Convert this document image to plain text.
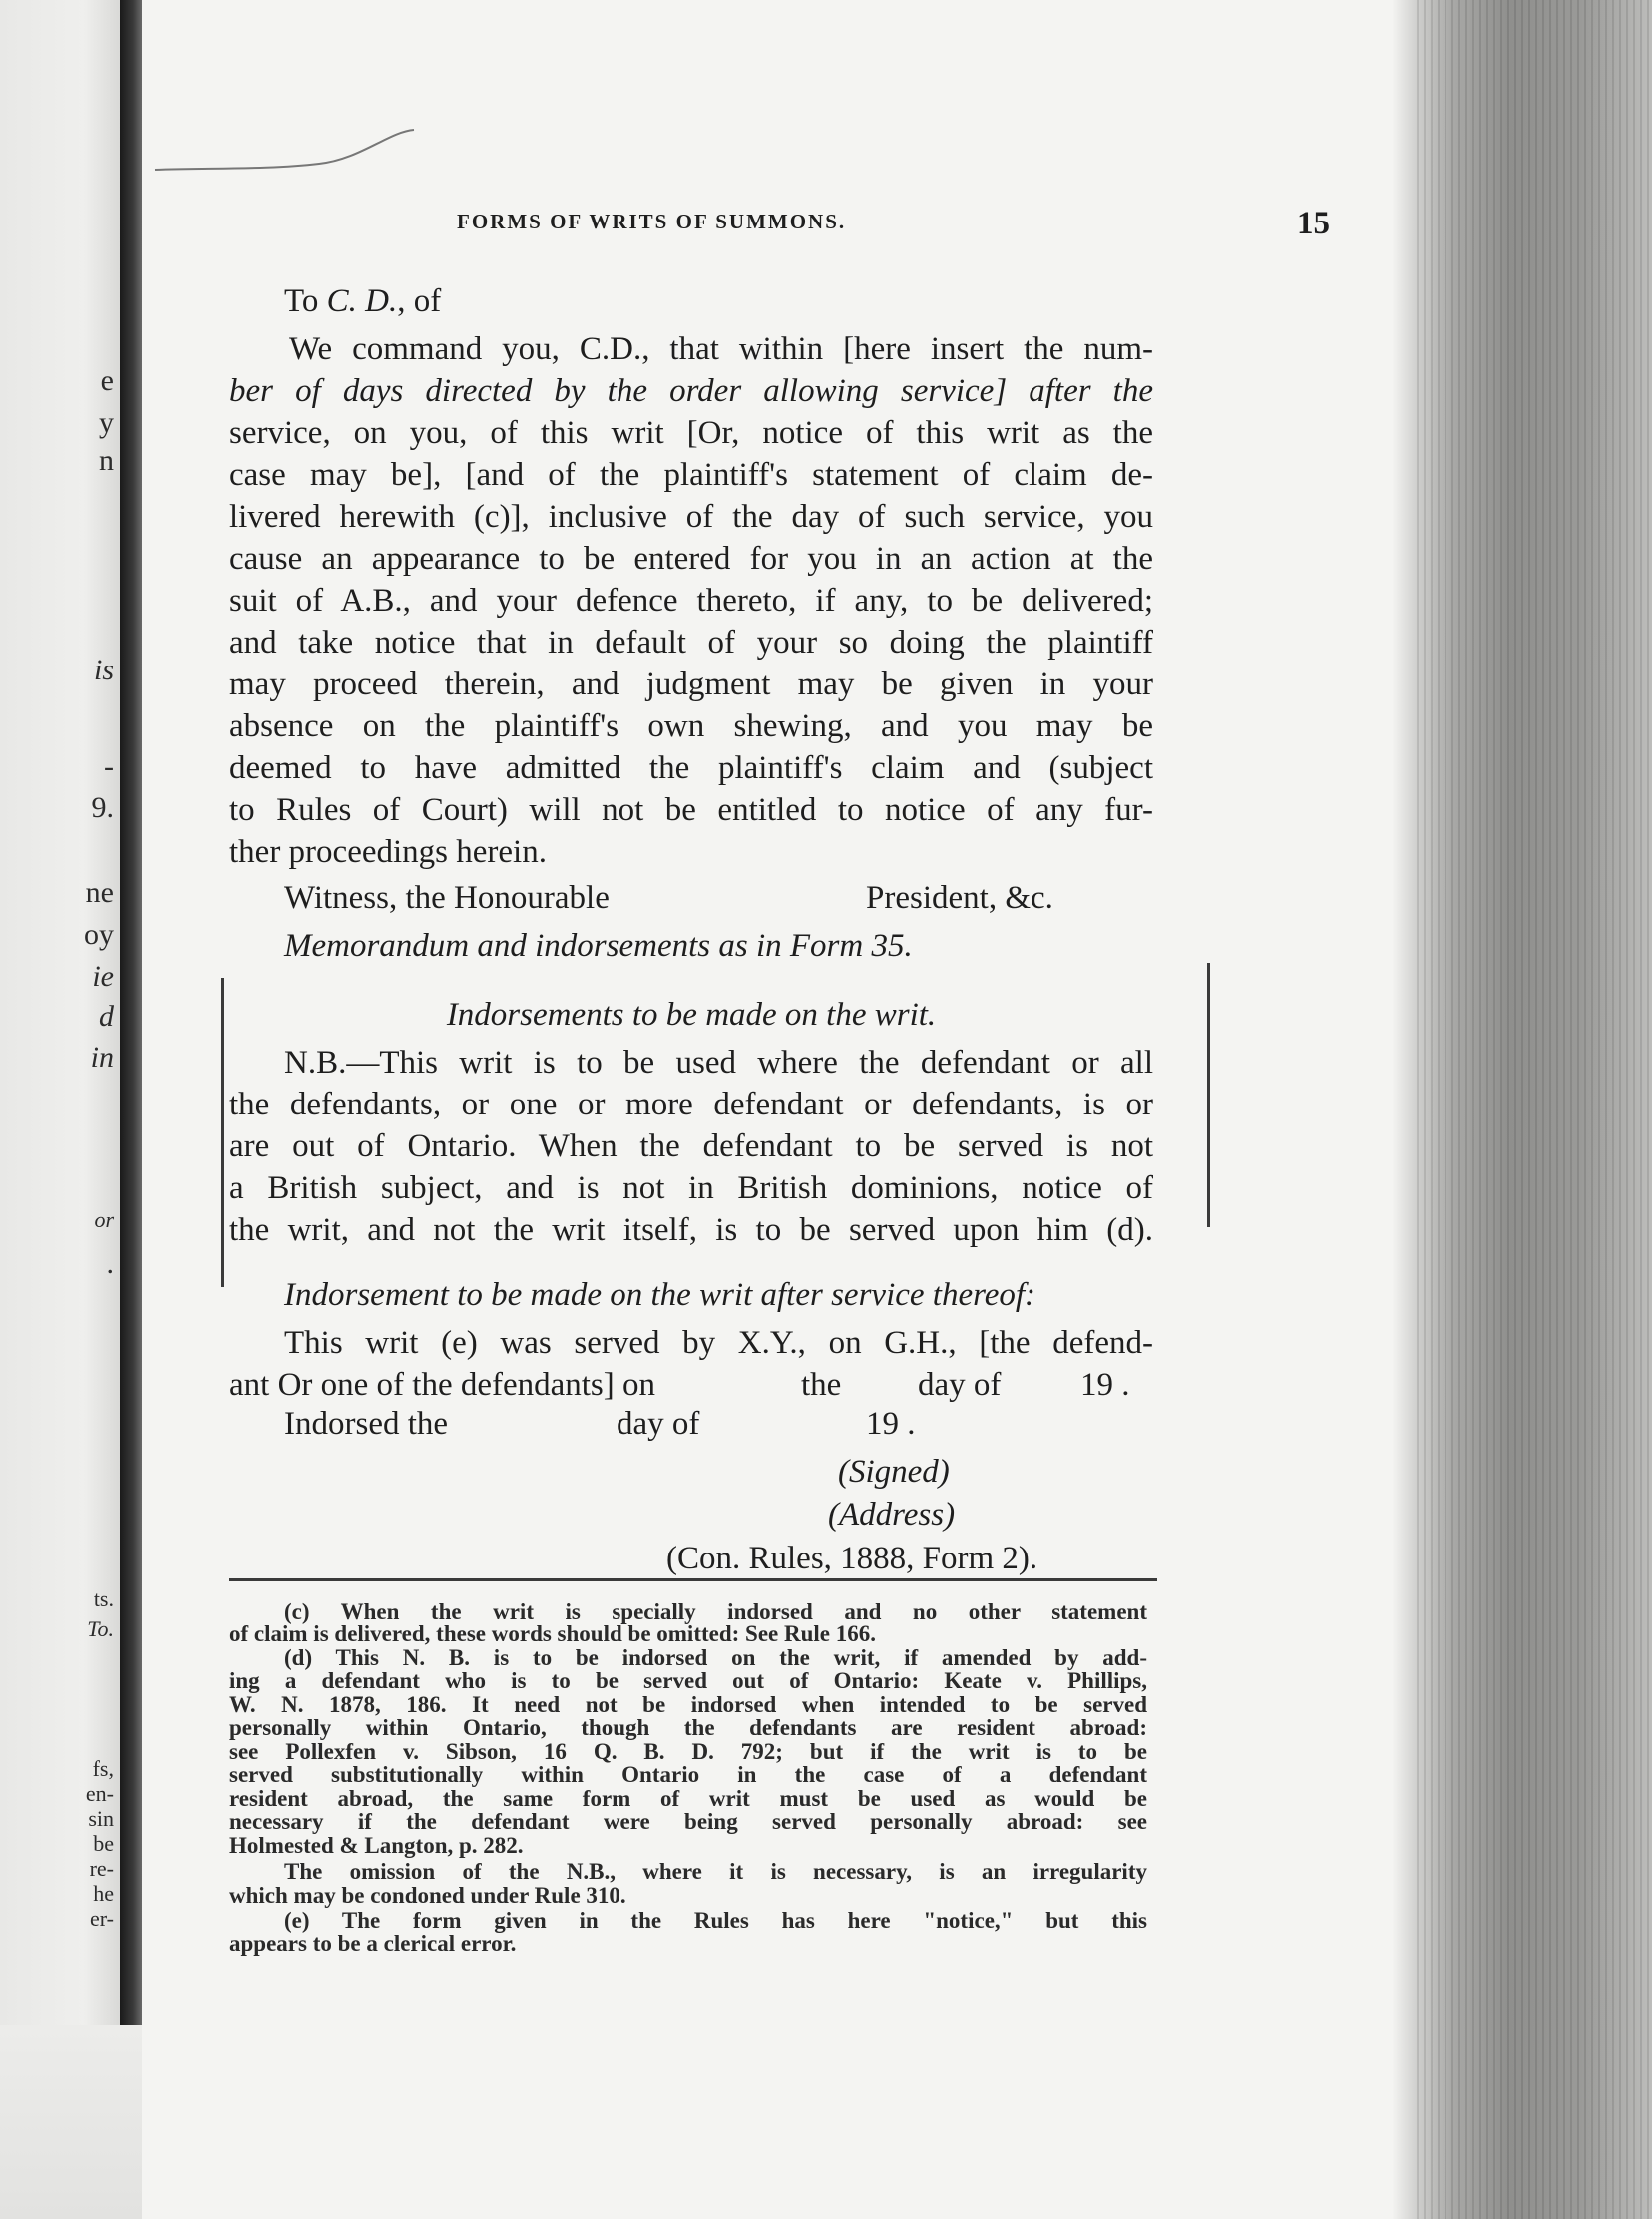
e
y
n
is
-
9.
ne
oy
ie
d
in
or
.
ts.
To.
fs,
en-
sin
be
re-
he
er-
FORMS OF WRITS OF SUMMONS.	15
To C. D., of
We command you, C.D., that within [here insert the num-
ber of days directed by the order allowing service] after the
service, on you, of this writ [Or, notice of this writ as the
case may be], [and of the plaintiff's statement of claim de-
livered herewith (c)], inclusive of the day of such service, you
cause an appearance to be entered for you in an action at the
suit of A.B., and your defence thereto, if any, to be delivered;
and take notice that in default of your so doing the plaintiff
may proceed therein, and judgment may be given in your
absence on the plaintiff's own shewing, and you may be
deemed to have admitted the plaintiff's claim and (subject
to Rules of Court) will not be entitled to notice of any fur-
ther proceedings herein.
Witness, the Honourable	President, &c.
Memorandum and indorsements as in Form 35.
Indorsements to be made on the writ.
N.B.—This writ is to be used where the defendant or all
the defendants, or one or more defendant or defendants, is or
are out of Ontario. When the defendant to be served is not
a British subject, and is not in British dominions, notice of
the writ, and not the writ itself, is to be served upon him (d).
Indorsement to be made on the writ after service thereof:
This writ (e) was served by X.Y., on G.H., [the defend-
ant Or one of the defendants] on	the	day of	19 .
Indorsed the	day of	19 .
(Signed)
(Address)
(Con. Rules, 1888, Form 2).
(c) When the writ is specially indorsed and no other statement
of claim is delivered, these words should be omitted: See Rule 166.
(d) This N. B. is to be indorsed on the writ, if amended by add-
ing a defendant who is to be served out of Ontario: Keate v. Phillips,
W. N. 1878, 186. It need not be indorsed when intended to be served
personally within Ontario, though the defendants are resident abroad:
see Pollexfen v. Sibson, 16 Q. B. D. 792; but if the writ is to be
served substitutionally within Ontario in the case of a defendant
resident abroad, the same form of writ must be used as would be
necessary if the defendant were being served personally abroad: see
Holmested & Langton, p. 282.
The omission of the N.B., where it is necessary, is an irregularity
which may be condoned under Rule 310.
(e) The form given in the Rules has here "notice," but this
appears to be a clerical error.
